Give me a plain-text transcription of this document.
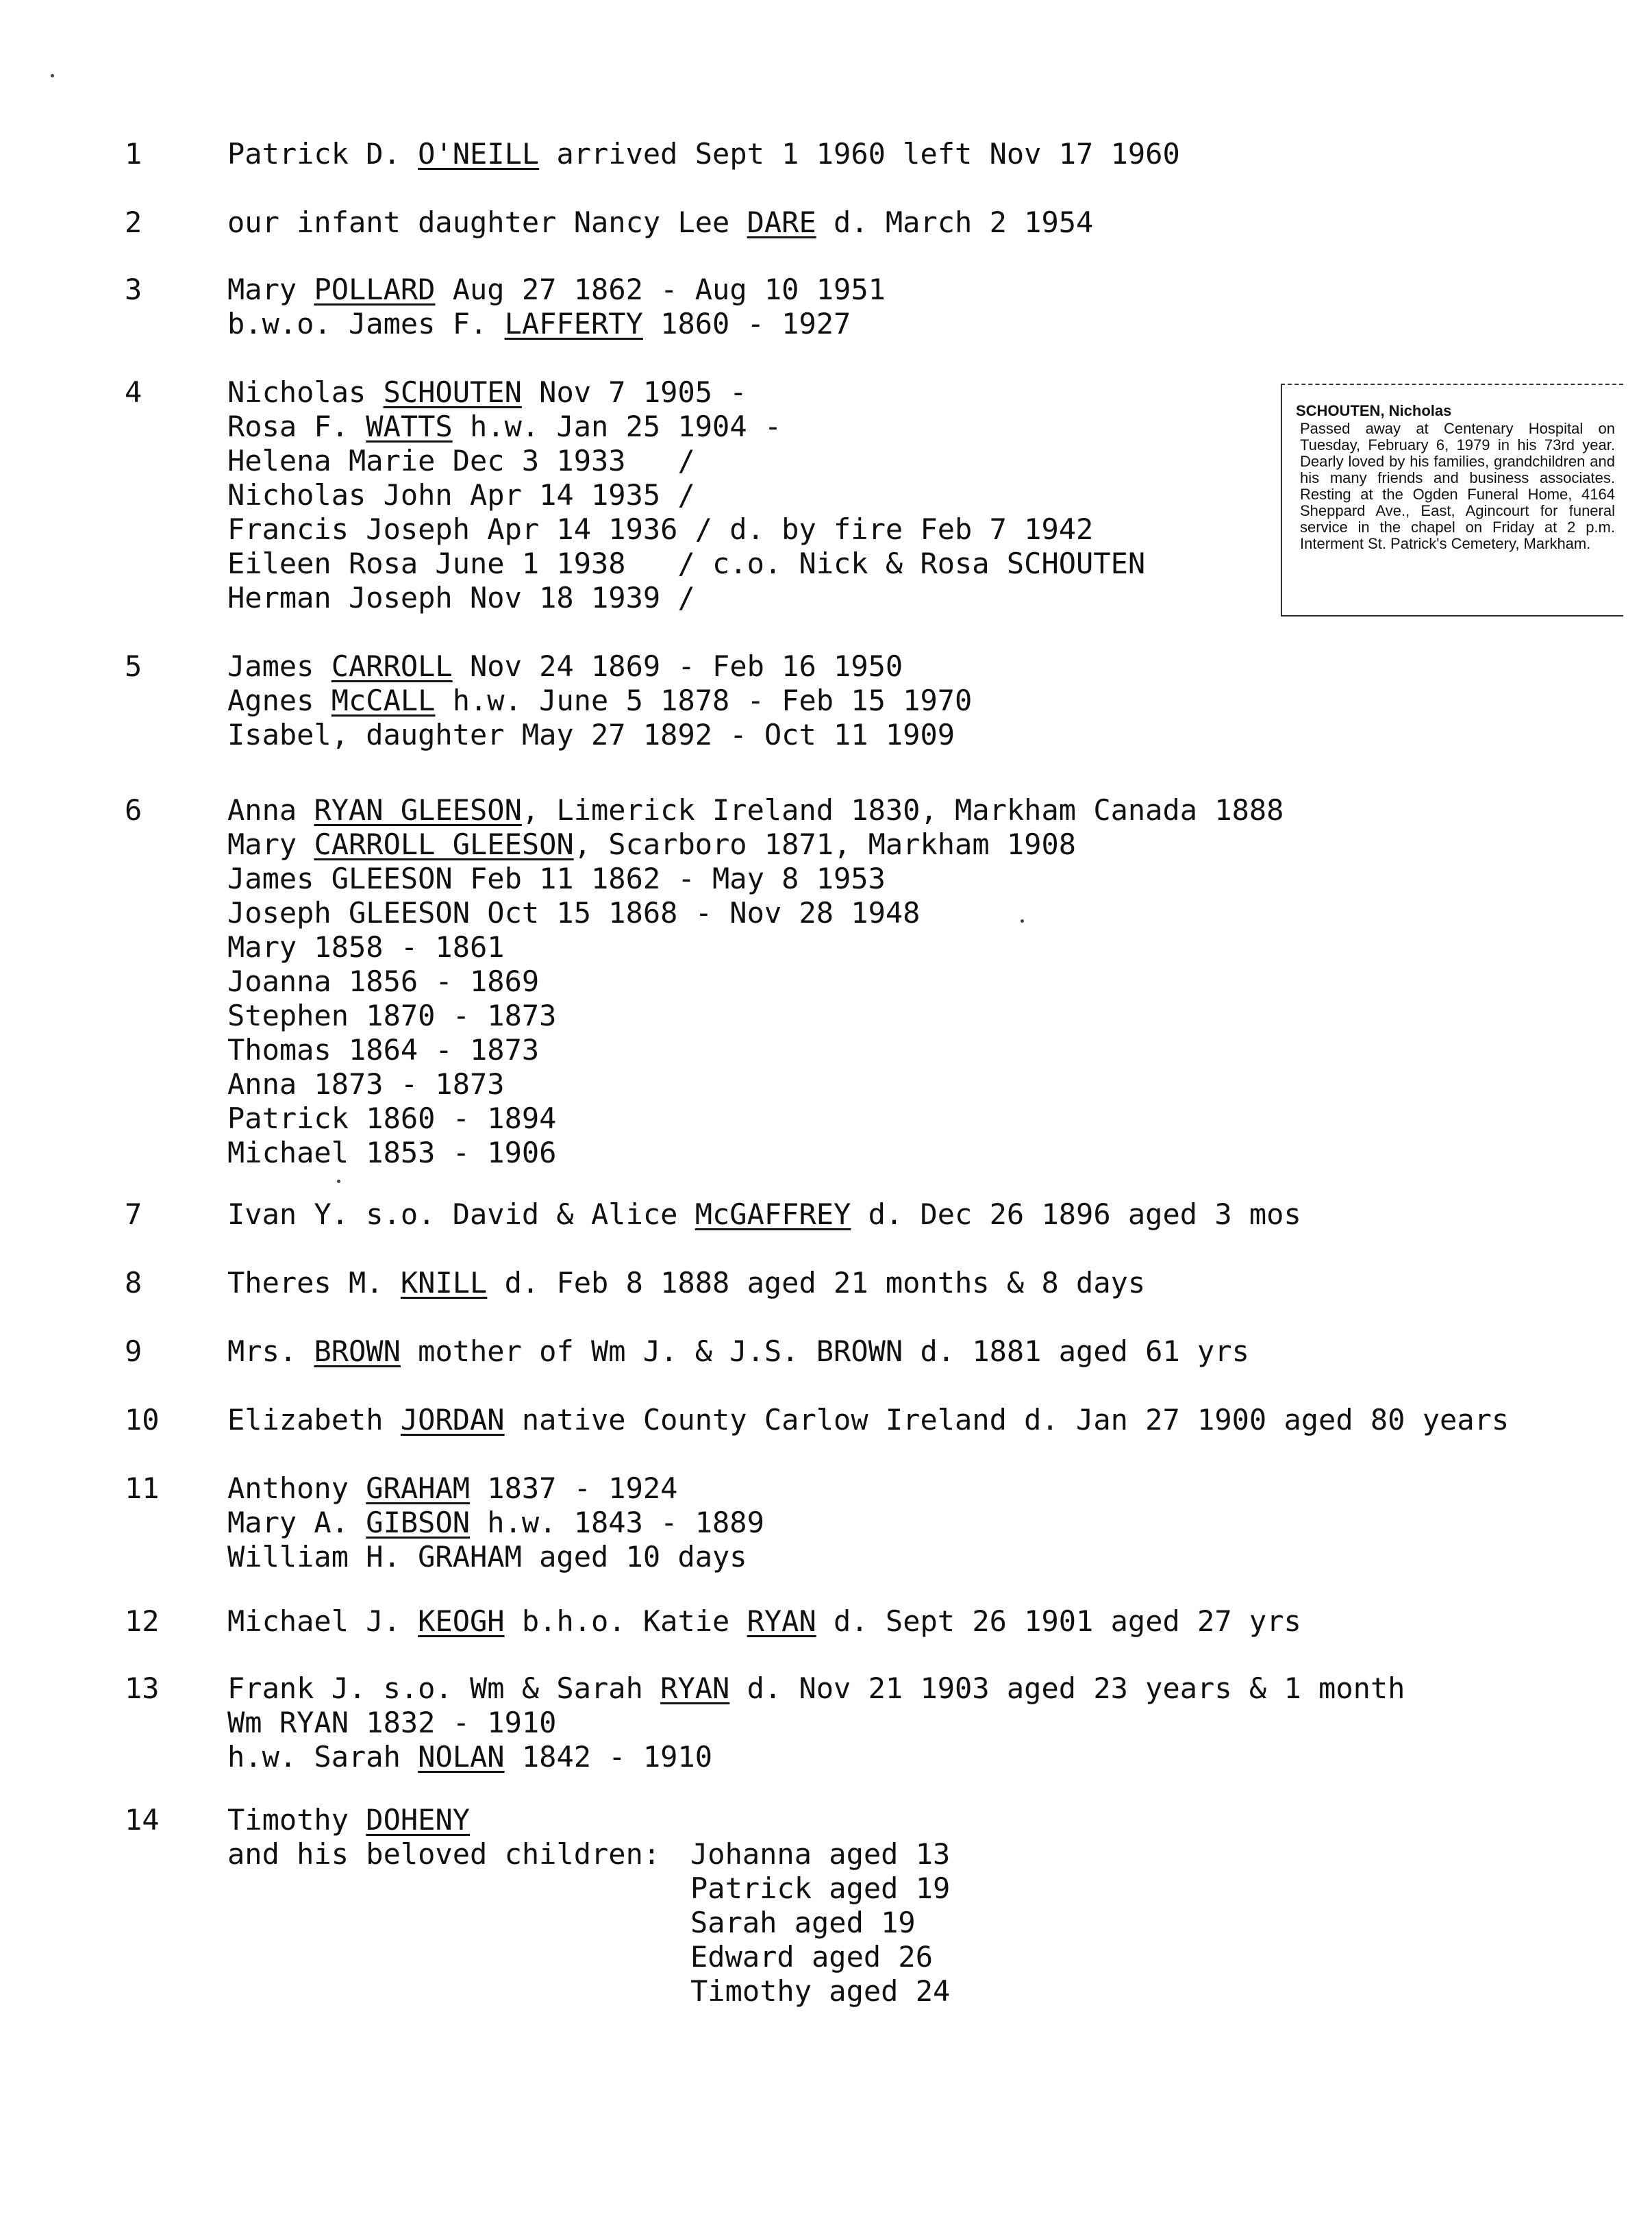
1	Patrick D. O'NEILL arrived Sept 1 1960 left Nov 17 1960
2	our infant daughter Nancy Lee DARE d. March 2 1954
3	Mary POLLARD Aug 27 1862 - Aug 10 1951
b.w.o. James F. LAFFERTY 1860 - 1927
4	Nicholas SCHOUTEN Nov 7 1905 -
Rosa F. WATTS h.w. Jan 25 1904 -
Helena Marie Dec 3 1933   /
Nicholas John Apr 14 1935 /
Francis Joseph Apr 14 1936 / d. by fire Feb 7 1942
Eileen Rosa June 1 1938   / c.o. Nick & Rosa SCHOUTEN
Herman Joseph Nov 18 1939 /
5	James CARROLL Nov 24 1869 - Feb 16 1950
Agnes McCALL h.w. June 5 1878 - Feb 15 1970
Isabel, daughter May 27 1892 - Oct 11 1909
6	Anna RYAN GLEESON, Limerick Ireland 1830, Markham Canada 1888
Mary CARROLL GLEESON, Scarboro 1871, Markham 1908
James GLEESON Feb 11 1862 - May 8 1953
Joseph GLEESON Oct 15 1868 - Nov 28 1948
Mary 1858 - 1861
Joanna 1856 - 1869
Stephen 1870 - 1873
Thomas 1864 - 1873
Anna 1873 - 1873
Patrick 1860 - 1894
Michael 1853 - 1906
7	Ivan Y. s.o. David & Alice McGAFFREY d. Dec 26 1896 aged 3 mos
8	Theres M. KNILL d. Feb 8 1888 aged 21 months & 8 days
9	Mrs. BROWN mother of Wm J. & J.S. BROWN d. 1881 aged 61 yrs
10	Elizabeth JORDAN native County Carlow Ireland d. Jan 27 1900 aged 80 years
11	Anthony GRAHAM 1837 - 1924
Mary A. GIBSON h.w. 1843 - 1889
William H. GRAHAM aged 10 days
12	Michael J. KEOGH b.h.o. Katie RYAN d. Sept 26 1901 aged 27 yrs
13	Frank J. s.o. Wm & Sarah RYAN d. Nov 21 1903 aged 23 years & 1 month
Wm RYAN 1832 - 1910
h.w. Sarah NOLAN 1842 - 1910
14	Timothy DOHENY
and his beloved children:	Johanna aged 13
Patrick aged 19
Sarah aged 19
Edward aged 26
Timothy aged 24
SCHOUTEN, Nicholas
Passed away at Centenary Hospital on Tuesday, February 6, 1979 in his 73rd year. Dearly loved by his families, grandchildren and his many friends and business associates. Resting at the Ogden Funeral Home, 4164 Sheppard Ave., East, Agincourt for funeral service in the chapel on Friday at 2 p.m. Interment St. Patrick's Cemetery, Markham.
